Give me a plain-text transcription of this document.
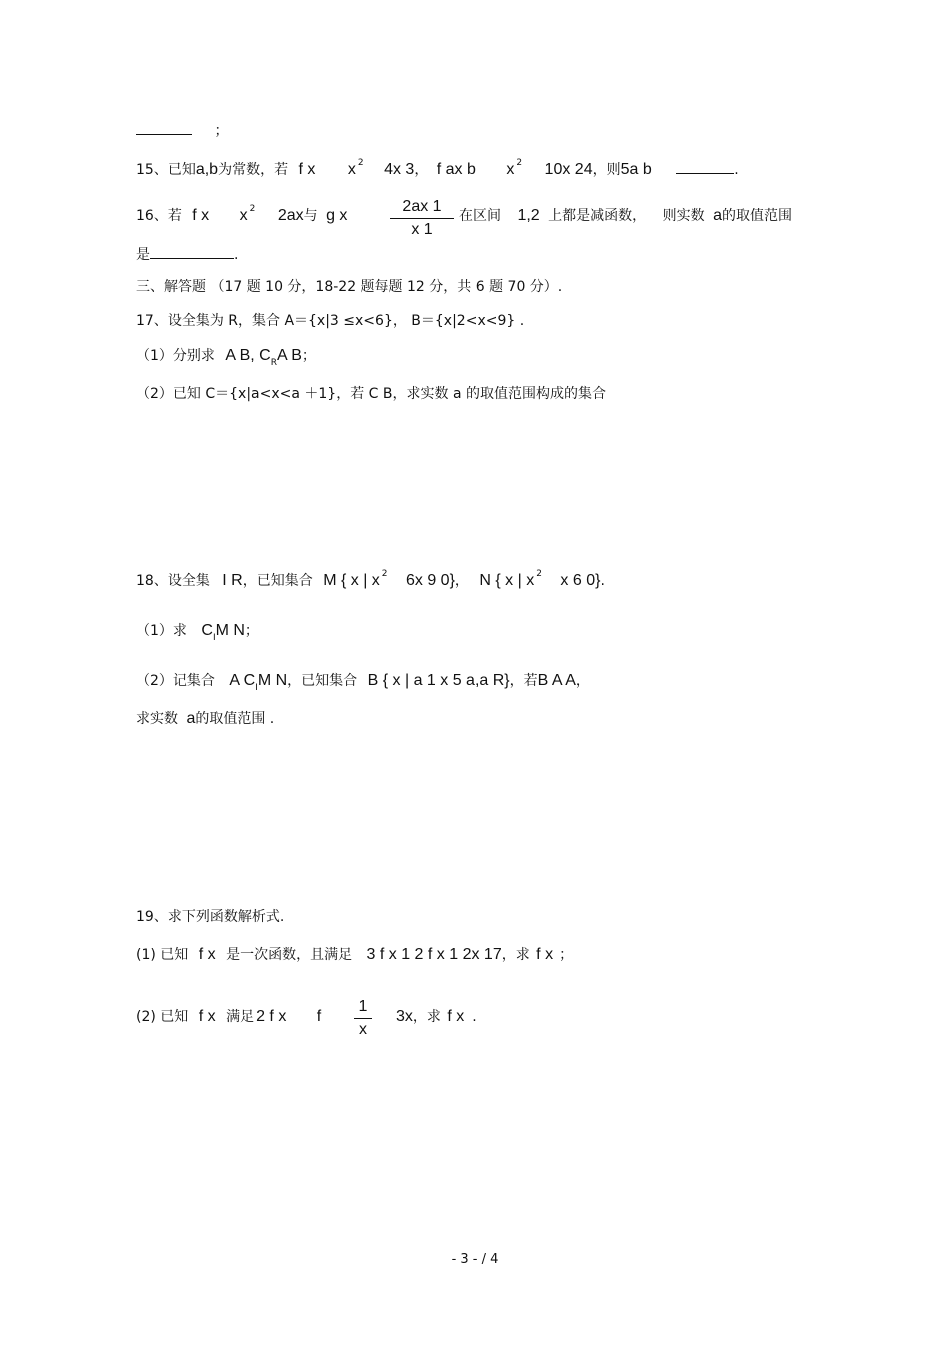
；
15、已知a,b为常数，若 f x x $^2$ 4x 3， f ax b x $^2$ 10x 24，则5a b	.
16、若 f x x $^2$ 2ax与 g x
2ax 1
x 1
在区间 1,2 上都是减函数， 则实数 a的取值范围
是	.
三、解答题 （17 题 10 分，18-22 题每题 12 分，共 6 题 70 分）.
17、设全集为 R，集合 A＝{x|3 ≤x<6}， B＝{x|2<x<9} .
（1）分别求 A B, $C_RA$ B；
（2）已知 C＝{x|a<x<a ＋1}，若 C B，求实数 a 的取值范围构成的集合
18、设全集 I R，已知集合 M { x | x $^2$ 6x 9 0}， N { x | x $^2$ x 6 0}.
（1）求 $C_IM$ N；
（2）记集合 A $C_IM$ N，已知集合 B { x | a 1 x 5 a,a R}，若B A A，
求实数 a的取值范围 .
19、求下列函数解析式.
(1) 已知 f x 是一次函数，且满足 3 f x 1 2 f x 1 2x 17，求 f x ；
(2) 已知 f x 满足 2 f x f
1
x
3x，求 f x .
- 3 - / 4
